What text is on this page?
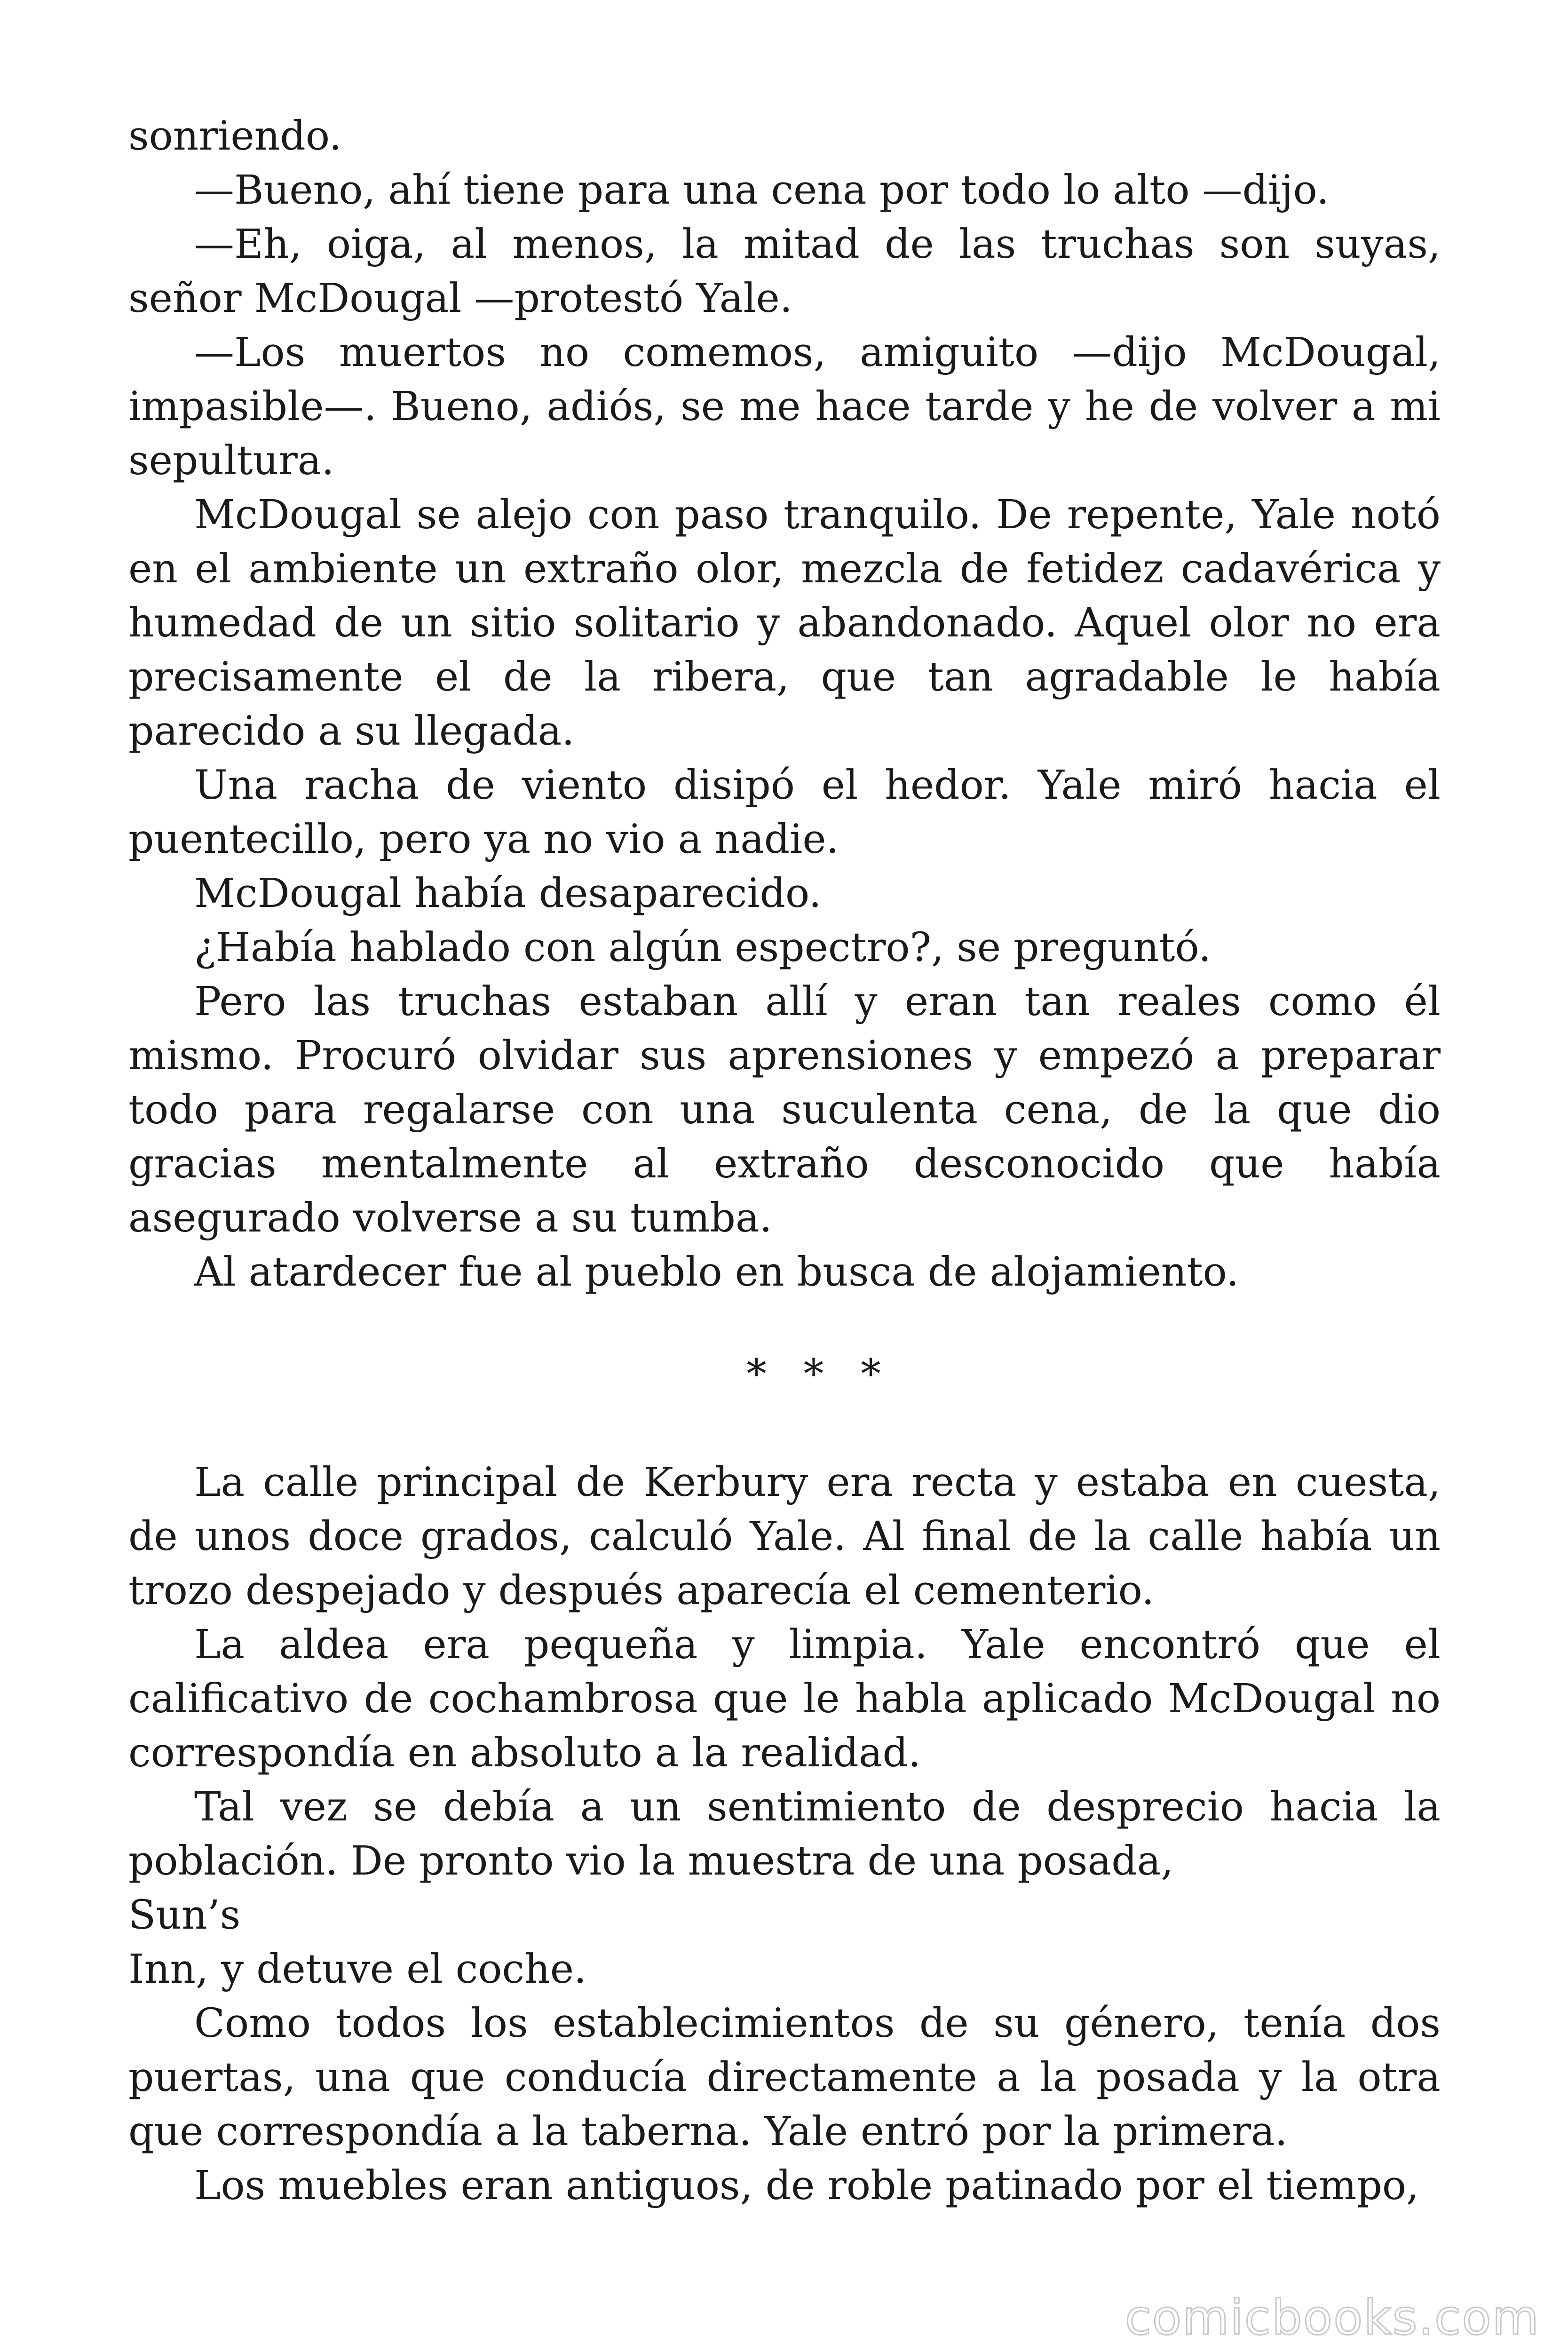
sonriendo.

—Bueno, ahí tiene para una cena por todo lo alto —dijo.

—Eh, oiga, al menos, la mitad de las truchas son suyas, señor McDougal —protestó Yale.

—Los muertos no comemos, amiguito —dijo McDougal, impasible—. Bueno, adiós, se me hace tarde y he de volver a mi sepultura.

McDougal se alejo con paso tranquilo. De repente, Yale notó en el ambiente un extraño olor, mezcla de fetidez cadavérica y humedad de un sitio solitario y abandonado. Aquel olor no era precisamente el de la ribera, que tan agradable le había parecido a su llegada.

Una racha de viento disipó el hedor. Yale miró hacia el puentecillo, pero ya no vio a nadie.

McDougal había desaparecido.

¿Había hablado con algún espectro?, se preguntó.

Pero las truchas estaban allí y eran tan reales como él mismo. Procuró olvidar sus aprensiones y empezó a preparar todo para regalarse con una suculenta cena, de la que dio gracias mentalmente al extraño desconocido que había asegurado volverse a su tumba.

Al atardecer fue al pueblo en busca de alojamiento.

* * *

La calle principal de Kerbury era recta y estaba en cuesta, de unos doce grados, calculó Yale. Al final de la calle había un trozo despejado y después aparecía el cementerio.

La aldea era pequeña y limpia. Yale encontró que el calificativo de cochambrosa que le habla aplicado McDougal no correspondía en absoluto a la realidad.

Tal vez se debía a un sentimiento de desprecio hacia la población. De pronto vio la muestra de una posada,

Sun’s

Inn, y detuve el coche.

Como todos los establecimientos de su género, tenía dos puertas, una que conducía directamente a la posada y la otra que correspondía a la taberna. Yale entró por la primera.

Los muebles eran antiguos, de roble patinado por el tiempo,

comicbooks.com
